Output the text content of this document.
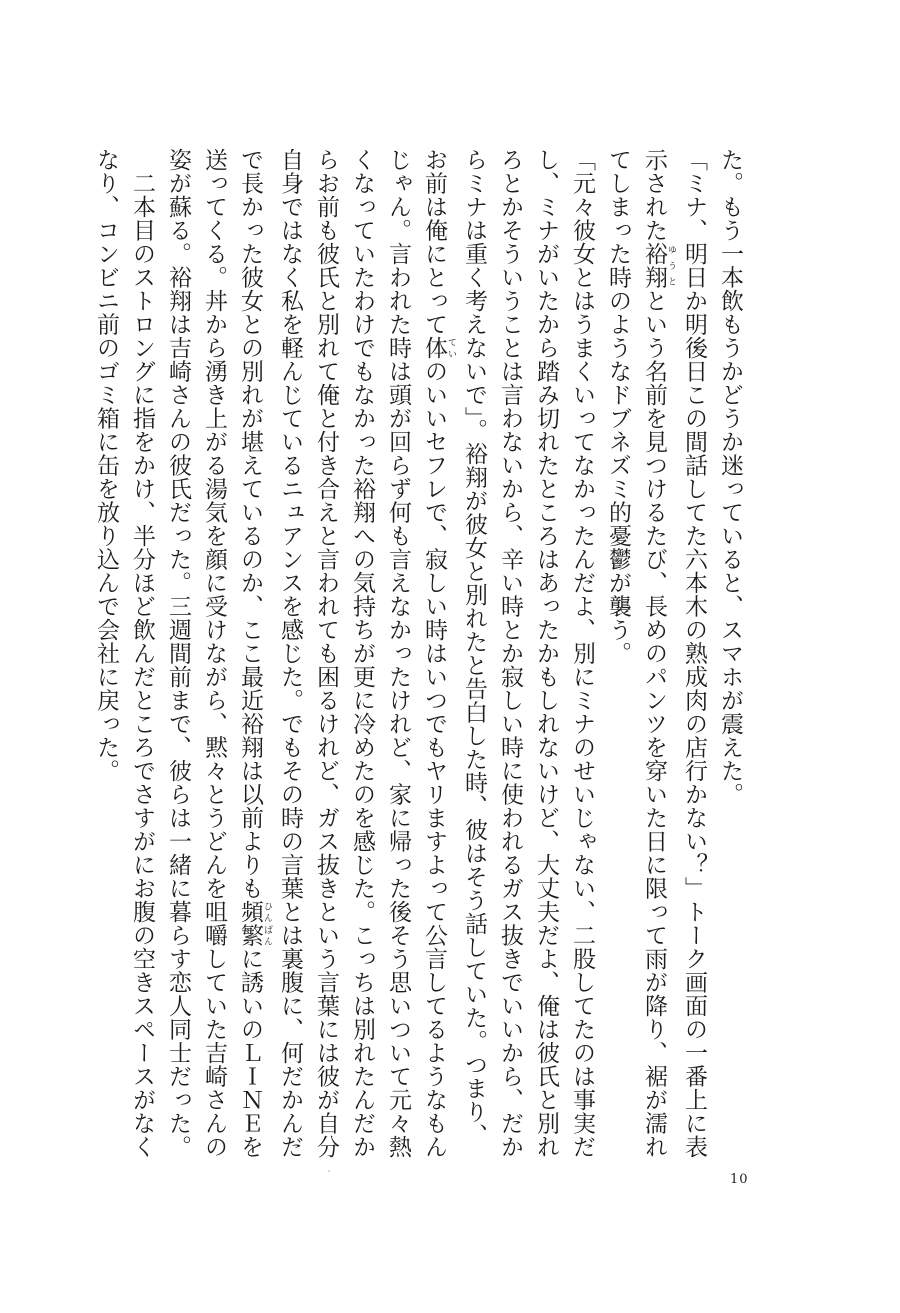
た。もう一本飲もうかどうか迷っていると、スマホが震えた。

「ミナ、明日か明後日この間話してた六本木の熟成肉の店行かない？」トーク画面の一番上に表

示された裕翔 ゆうとという名前を見つけるたび、長めのパンツを穿いた日に限って雨が降り、裾が濡れ

てしまった時のようなドブネズミ的憂鬱が襲う。

「元々彼女とはうまくいってなかったんだよ、別にミナのせいじゃない、二股してたのは事実だ

し、ミナがいたから踏み切れたところはあったかもしれないけど、大丈夫だよ、俺は彼氏と別れ

ろとかそういうことは言わないから、辛い時とか寂しい時に使われるガス抜きでいいから、だか

らミナは重く考えないで」。裕翔が彼女と別れたと告白した時、彼はそう話していた。つまり、

お前は俺にとって体 ていのいいセフレで、寂しい時はいつでもヤリますよって公言してるようなもん

じゃん。言われた時は頭が回らず何も言えなかったけれど、家に帰った後そう思いついて元々熱

くなっていたわけでもなかった裕翔への気持ちが更に冷めたのを感じた。こっちは別れたんだか

らお前も彼氏と別れて俺と付き合えと言われても困るけれど、ガス抜きという言葉には彼が自分

自身ではなく私を軽んじているニュアンスを感じた。でもその時の言葉とは裏腹に、何だかんだ

で長かった彼女との別れが堪えているのか、ここ最近裕翔は以前よりも頻繁 ひんぱんに誘いのＬＩＮＥを

送ってくる。丼から湧き上がる湯気を顔に受けながら、黙々とうどんを咀嚼していた吉崎さんの

姿が蘇る。裕翔は吉崎さんの彼氏だった。三週間前まで、彼らは一緒に暮らす恋人同士だった。

　二本目のストロングに指をかけ、半分ほど飲んだところでさすがにお腹の空きスペースがなく

なり、コンビニ前のゴミ箱に缶を放り込んで会社に戻った。

10
